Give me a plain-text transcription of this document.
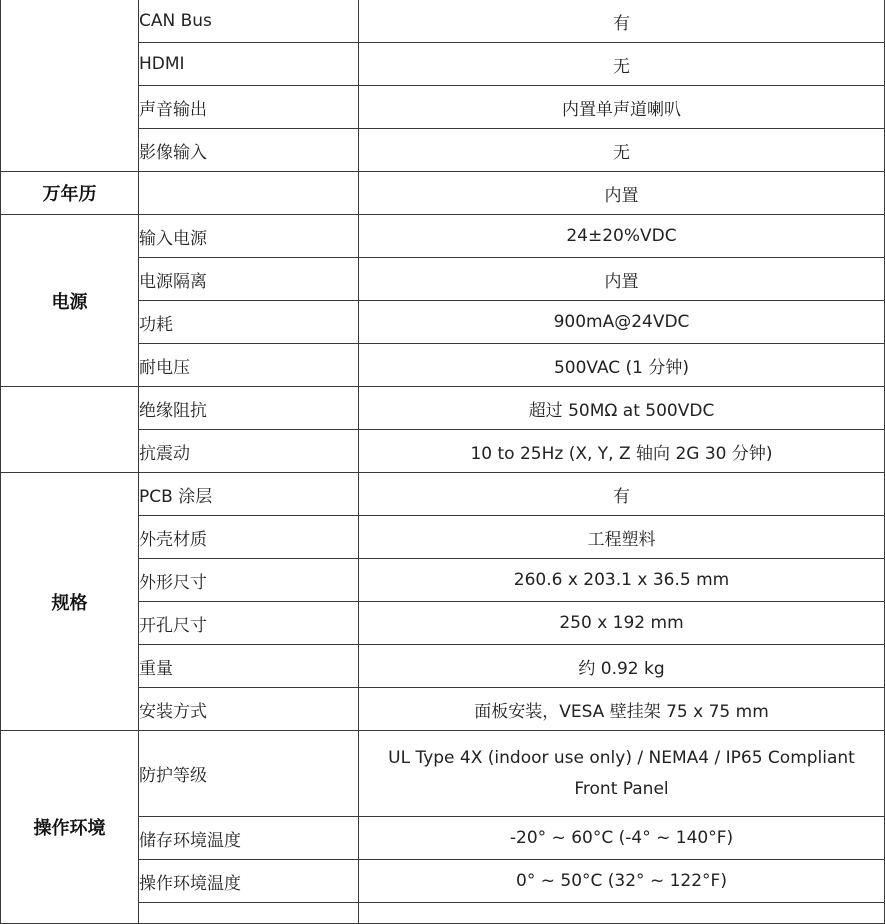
	CAN Bus	有
	HDMI	无
	声音输出	内置单声道喇叭
	影像输入	无
万年历		内置
电源	输入电源	24±20%VDC
	电源隔离	内置
	功耗	900mA@24VDC
	耐电压	500VAC (1 分钟)
	绝缘阻抗	超过 50MΩ at 500VDC
	抗震动	10 to 25Hz (X, Y, Z 轴向 2G 30 分钟)
规格	PCB 涂层	有
	外壳材质	工程塑料
	外形尺寸	260.6 x 203.1 x 36.5 mm
	开孔尺寸	250 x 192 mm
	重量	约 0.92 kg
	安装方式	面板安装，VESA 壁挂架 75 x 75 mm
操作环境	防护等级	UL Type 4X (indoor use only) / NEMA4 / IP65 Compliant
Front Panel

	储存环境温度	-20° ~ 60°C (-4° ~ 140°F)
	操作环境温度	0° ~ 50°C (32° ~ 122°F)
